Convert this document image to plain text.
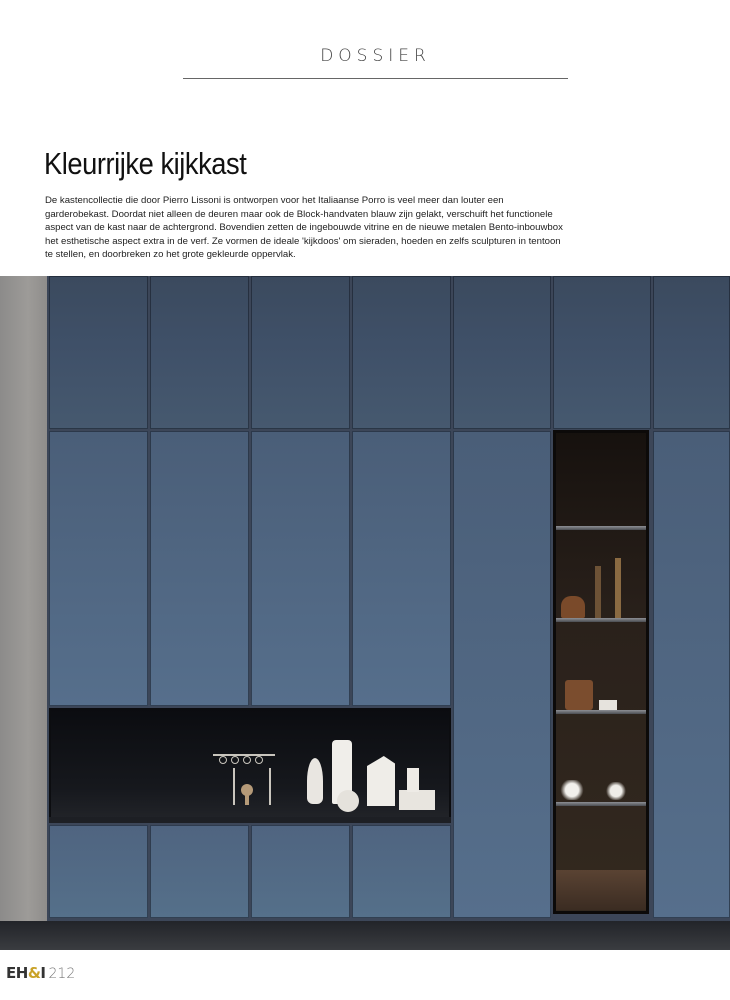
DOSSIER
Kleurrijke kijkkast

De kastencollectie die door Pierro Lissoni is ontworpen voor het Italiaanse Porro is veel meer dan louter een garderobekast. Doordat niet alleen de deuren maar ook de Block-handvaten blauw zijn gelakt, verschuift het functionele aspect van de kast naar de achtergrond. Bovendien zetten de ingebouwde vitrine en de nieuwe metalen Bento-inbouwbox het esthetische aspect extra in de verf. Ze vormen de ideale 'kijkdoos' om sieraden, hoeden en zelfs sculpturen in tentoon te stellen, en doorbreken zo het grote gekleurde oppervlak.

EH&I 212
